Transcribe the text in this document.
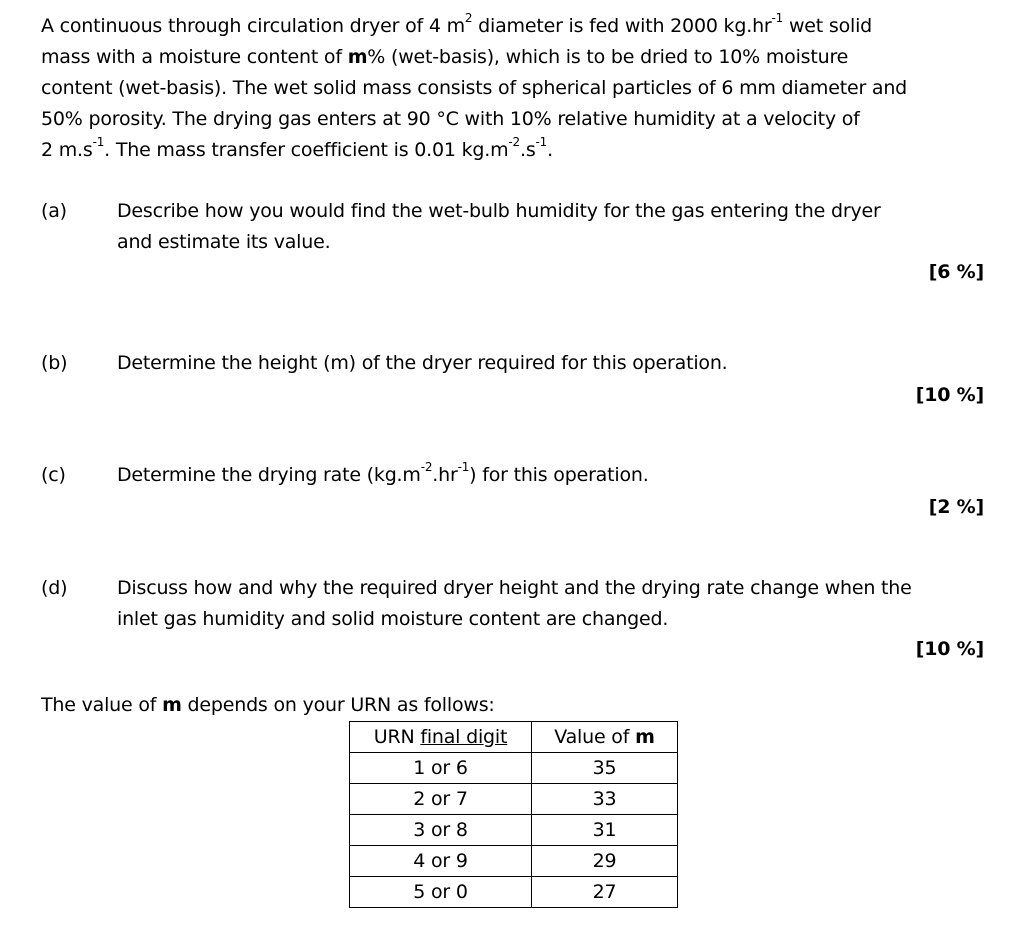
A continuous through circulation dryer of 4 $m^2$ diameter is fed with 2000 $kg.hr^{-1}$ wet solid

mass with a moisture content of m% (wet-basis), which is to be dried to 10% moisture

content (wet-basis). The wet solid mass consists of spherical particles of 6 mm diameter and

50% porosity. The drying gas enters at 90 °C with 10% relative humidity at a velocity of

2 $m.s^{-1}$. The mass transfer coefficient is 0.01 $kg.m^{-2}.s^{-1}$.

(a)	Describe how you would find the wet-bulb humidity for the gas entering the dryer

and estimate its value.

[6 %]
(b)	Determine the height (m) of the dryer required for this operation.

[10 %]
(c)	Determine the drying rate $(kg.m^{-2}.hr^{-1})$ for this operation.

[2 %]
(d)	Discuss how and why the required dryer height and the drying rate change when the

inlet gas humidity and solid moisture content are changed.

[10 %]
The value of m depends on your URN as follows:
URN final digit	Value of m
1 or 6	35
2 or 7	33
3 or 8	31
4 or 9	29
5 or 0	27
